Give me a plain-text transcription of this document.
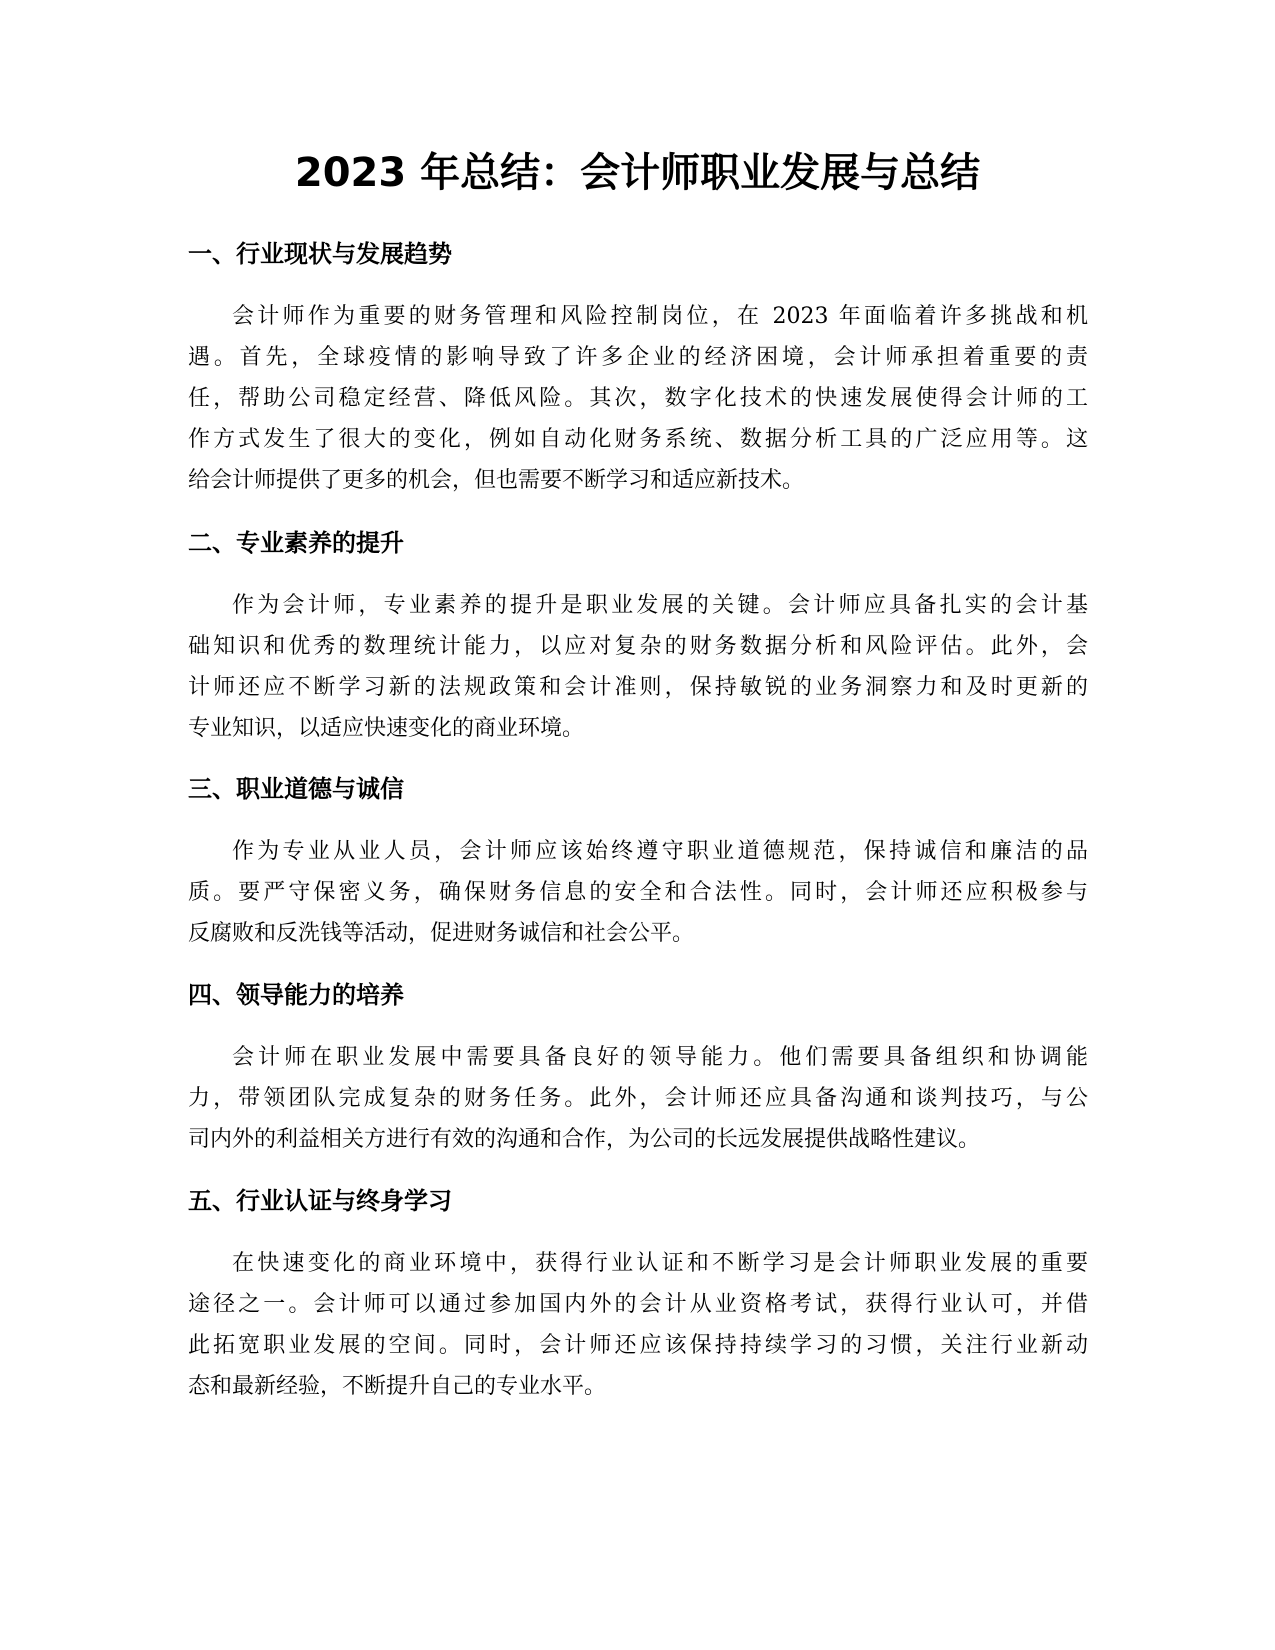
2023 年总结：会计师职业发展与总结
一、行业现状与发展趋势
会计师作为重要的财务管理和风险控制岗位，在 2023 年面临着许多挑战和机
遇。首先，全球疫情的影响导致了许多企业的经济困境，会计师承担着重要的责
任，帮助公司稳定经营、降低风险。其次，数字化技术的快速发展使得会计师的工
作方式发生了很大的变化，例如自动化财务系统、数据分析工具的广泛应用等。这
给会计师提供了更多的机会，但也需要不断学习和适应新技术。
二、专业素养的提升
作为会计师，专业素养的提升是职业发展的关键。会计师应具备扎实的会计基
础知识和优秀的数理统计能力，以应对复杂的财务数据分析和风险评估。此外，会
计师还应不断学习新的法规政策和会计准则，保持敏锐的业务洞察力和及时更新的
专业知识，以适应快速变化的商业环境。
三、职业道德与诚信
作为专业从业人员，会计师应该始终遵守职业道德规范，保持诚信和廉洁的品
质。要严守保密义务，确保财务信息的安全和合法性。同时，会计师还应积极参与
反腐败和反洗钱等活动，促进财务诚信和社会公平。
四、领导能力的培养
会计师在职业发展中需要具备良好的领导能力。他们需要具备组织和协调能
力，带领团队完成复杂的财务任务。此外，会计师还应具备沟通和谈判技巧，与公
司内外的利益相关方进行有效的沟通和合作，为公司的长远发展提供战略性建议。
五、行业认证与终身学习
在快速变化的商业环境中，获得行业认证和不断学习是会计师职业发展的重要
途径之一。会计师可以通过参加国内外的会计从业资格考试，获得行业认可，并借
此拓宽职业发展的空间。同时，会计师还应该保持持续学习的习惯，关注行业新动
态和最新经验，不断提升自己的专业水平。
